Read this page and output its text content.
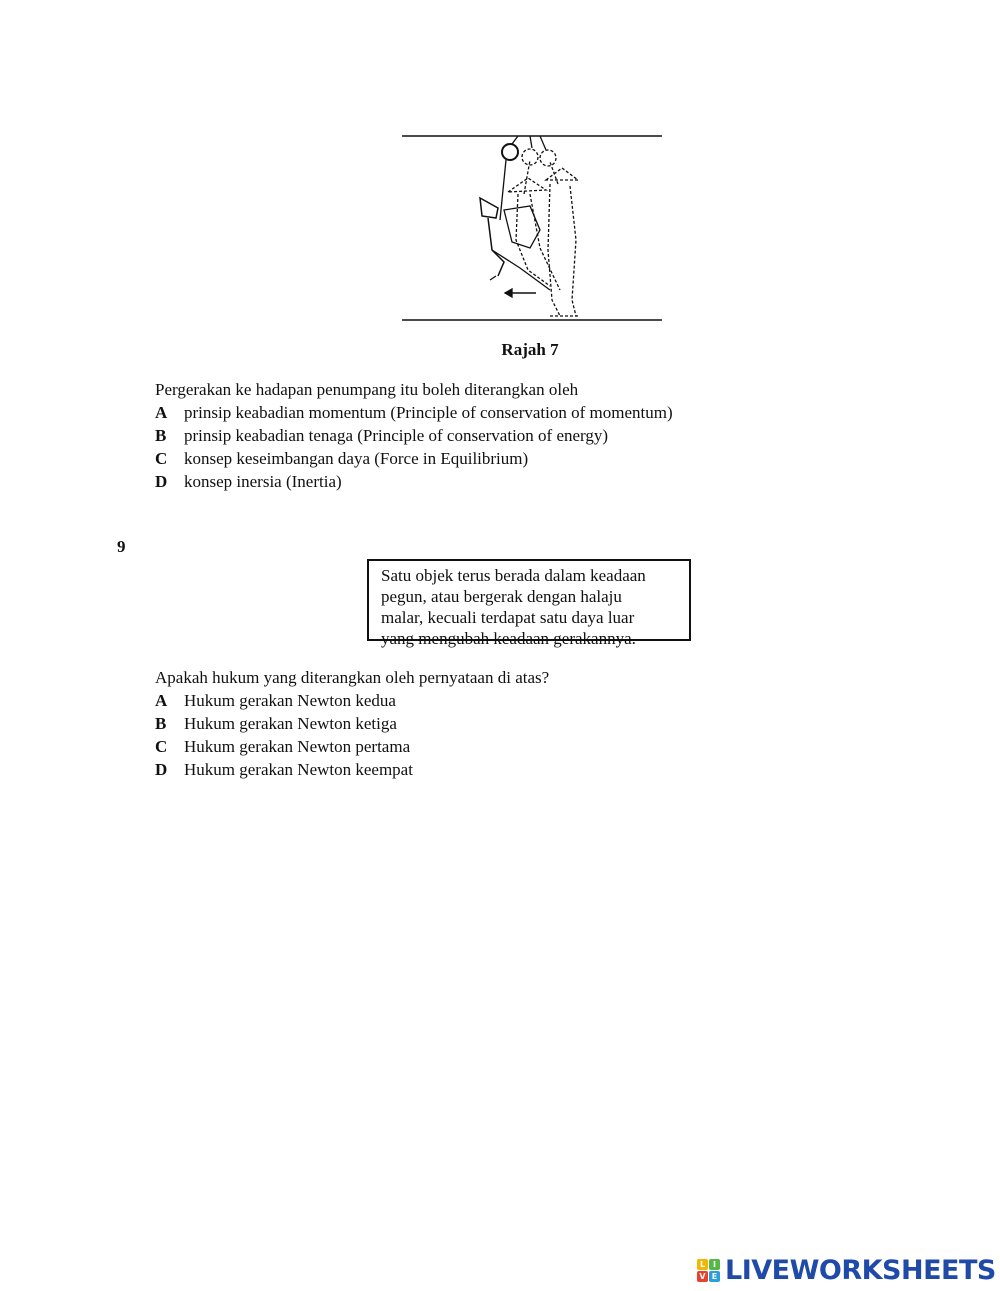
Rajah 7
Pergerakan ke hadapan penumpang itu boleh diterangkan oleh
A prinsip keabadian momentum (Principle of conservation of momentum)
B prinsip keabadian tenaga (Principle of conservation of energy)
C konsep keseimbangan daya (Force in Equilibrium)
D konsep inersia (Inertia)
9
Satu objek terus berada dalam keadaan
pegun, atau bergerak dengan halaju
malar, kecuali terdapat satu daya luar
yang mengubah keadaan gerakannya.
Apakah hukum yang diterangkan oleh pernyataan di atas?
A Hukum gerakan Newton kedua
B Hukum gerakan Newton ketiga
C Hukum gerakan Newton pertama
D Hukum gerakan Newton keempat
L I
V E LIVEWORKSHEETS
